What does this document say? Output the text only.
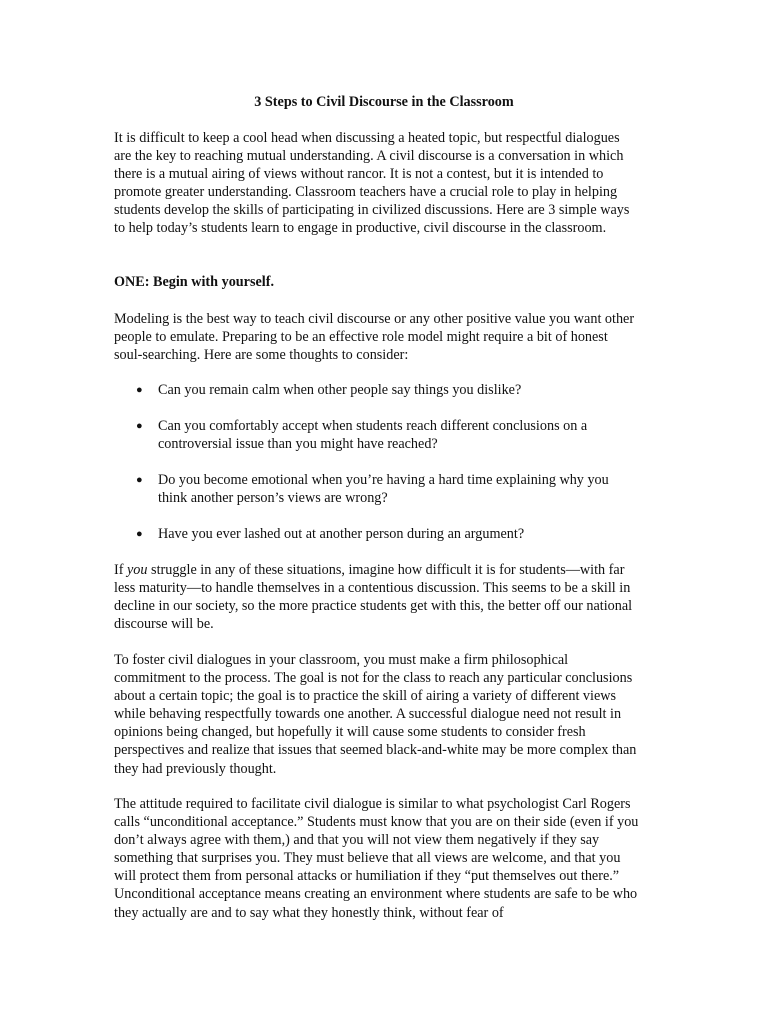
3 Steps to Civil Discourse in the Classroom

It is difficult to keep a cool head when discussing a heated topic, but respectful dialogues are the key to reaching mutual understanding. A civil discourse is a conversation in which there is a mutual airing of views without rancor. It is not a contest, but it is intended to promote greater understanding. Classroom teachers have a crucial role to play in helping students develop the skills of participating in civilized discussions. Here are 3 simple ways to help today’s students learn to engage in productive, civil discourse in the classroom.

ONE: Begin with yourself.

Modeling is the best way to teach civil discourse or any other positive value you want other people to emulate. Preparing to be an effective role model might require a bit of honest soul-searching. Here are some thoughts to consider:

● Can you remain calm when other people say things you dislike?
● Can you comfortably accept when students reach different conclusions on a controversial issue than you might have reached?
● Do you become emotional when you’re having a hard time explaining why you think another person’s views are wrong?
● Have you ever lashed out at another person during an argument?

If you struggle in any of these situations, imagine how difficult it is for students—with far less maturity—to handle themselves in a contentious discussion. This seems to be a skill in decline in our society, so the more practice students get with this, the better off our national discourse will be.

To foster civil dialogues in your classroom, you must make a firm philosophical commitment to the process. The goal is not for the class to reach any particular conclusions about a certain topic; the goal is to practice the skill of airing a variety of different views while behaving respectfully towards one another. A successful dialogue need not result in opinions being changed, but hopefully it will cause some students to consider fresh perspectives and realize that issues that seemed black-and-white may be more complex than they had previously thought.

The attitude required to facilitate civil dialogue is similar to what psychologist Carl Rogers calls “unconditional acceptance.” Students must know that you are on their side (even if you don’t always agree with them,) and that you will not view them negatively if they say something that surprises you. They must believe that all views are welcome, and that you will protect them from personal attacks or humiliation if they “put themselves out there.” Unconditional acceptance means creating an environment where students are safe to be who they actually are and to say what they honestly think, without fear of
